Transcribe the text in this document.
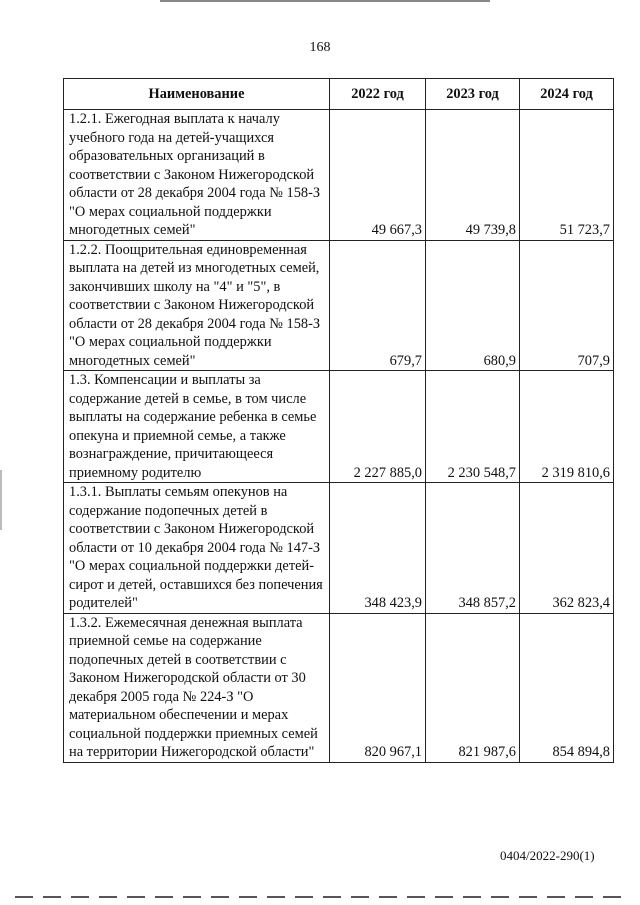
168
Наименование	2022 год	2023 год	2024 год
1.2.1. Ежегодная выплата к началу учебного года на детей-учащихся образовательных организаций в соответствии с Законом Нижегородской области от 28 декабря 2004 года № 158-З "О мерах социальной поддержки многодетных семей"	49 667,3	49 739,8	51 723,7
1.2.2. Поощрительная единовременная выплата на детей из многодетных семей, закончивших школу на "4" и "5", в соответствии с Законом Нижегородской области от 28 декабря 2004 года № 158-З "О мерах социальной поддержки многодетных семей"	679,7	680,9	707,9
1.3. Компенсации и выплаты за содержание детей в семье, в том числе выплаты на содержание ребенка в семье опекуна и приемной семье, а также вознаграждение, причитающееся приемному родителю	2 227 885,0	2 230 548,7	2 319 810,6
1.3.1. Выплаты семьям опекунов на содержание подопечных детей в соответствии с Законом Нижегородской области от 10 декабря 2004 года № 147-З "О мерах социальной поддержки детей-сирот и детей, оставшихся без попечения родителей"	348 423,9	348 857,2	362 823,4
1.3.2. Ежемесячная денежная выплата приемной семье на содержание подопечных детей в соответствии с Законом Нижегородской области от 30 декабря 2005 года № 224-З "О материальном обеспечении и мерах социальной поддержки приемных семей на территории Нижегородской области"	820 967,1	821 987,6	854 894,8
0404/2022-290(1)
